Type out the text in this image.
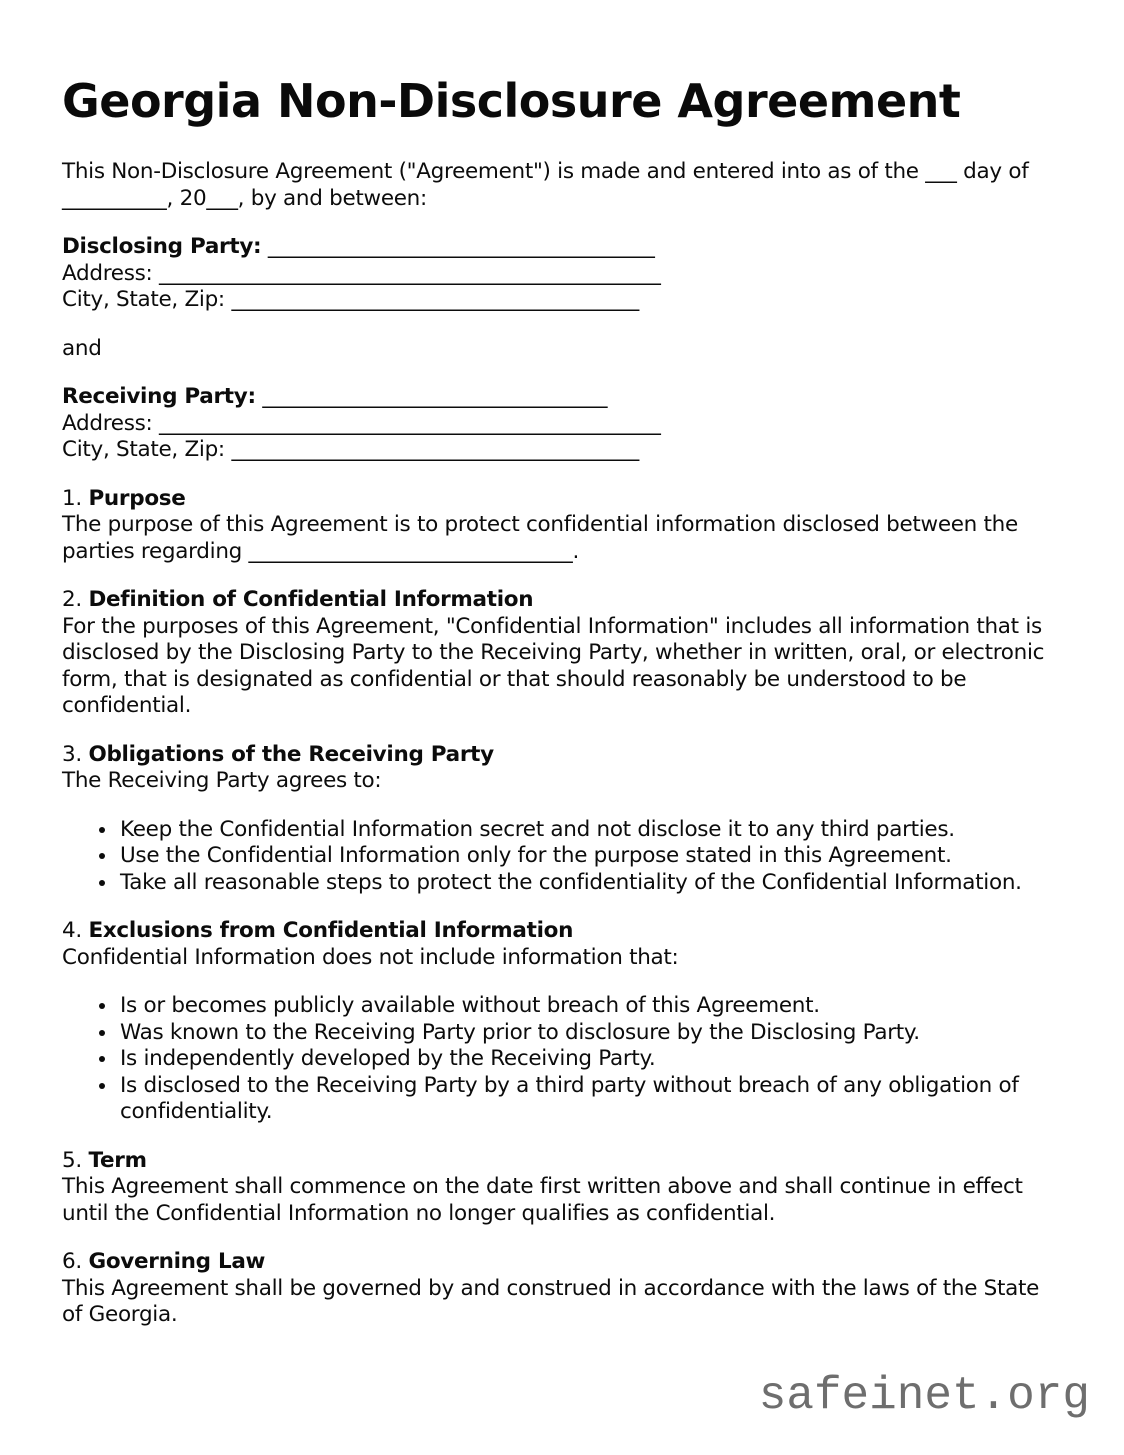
Georgia Non-Disclosure Agreement

This Non-Disclosure Agreement ("Agreement") is made and entered into as of the ___ day of __________, 20___, by and between:

Disclosing Party: _____________________________________
Address: ________________________________________________
City, State, Zip: _______________________________________

and

Receiving Party: _________________________________
Address: ________________________________________________
City, State, Zip: _______________________________________

1. Purpose
The purpose of this Agreement is to protect confidential information disclosed between the parties regarding _______________________________.

2. Definition of Confidential Information
For the purposes of this Agreement, "Confidential Information" includes all information that is disclosed by the Disclosing Party to the Receiving Party, whether in written, oral, or electronic form, that is designated as confidential or that should reasonably be understood to be confidential.

3. Obligations of the Receiving Party
The Receiving Party agrees to:

• Keep the Confidential Information secret and not disclose it to any third parties.
• Use the Confidential Information only for the purpose stated in this Agreement.
• Take all reasonable steps to protect the confidentiality of the Confidential Information.

4. Exclusions from Confidential Information
Confidential Information does not include information that:

• Is or becomes publicly available without breach of this Agreement.
• Was known to the Receiving Party prior to disclosure by the Disclosing Party.
• Is independently developed by the Receiving Party.
• Is disclosed to the Receiving Party by a third party without breach of any obligation of confidentiality.

5. Term
This Agreement shall commence on the date first written above and shall continue in effect until the Confidential Information no longer qualifies as confidential.

6. Governing Law
This Agreement shall be governed by and construed in accordance with the laws of the State of Georgia.

safeinet.org
